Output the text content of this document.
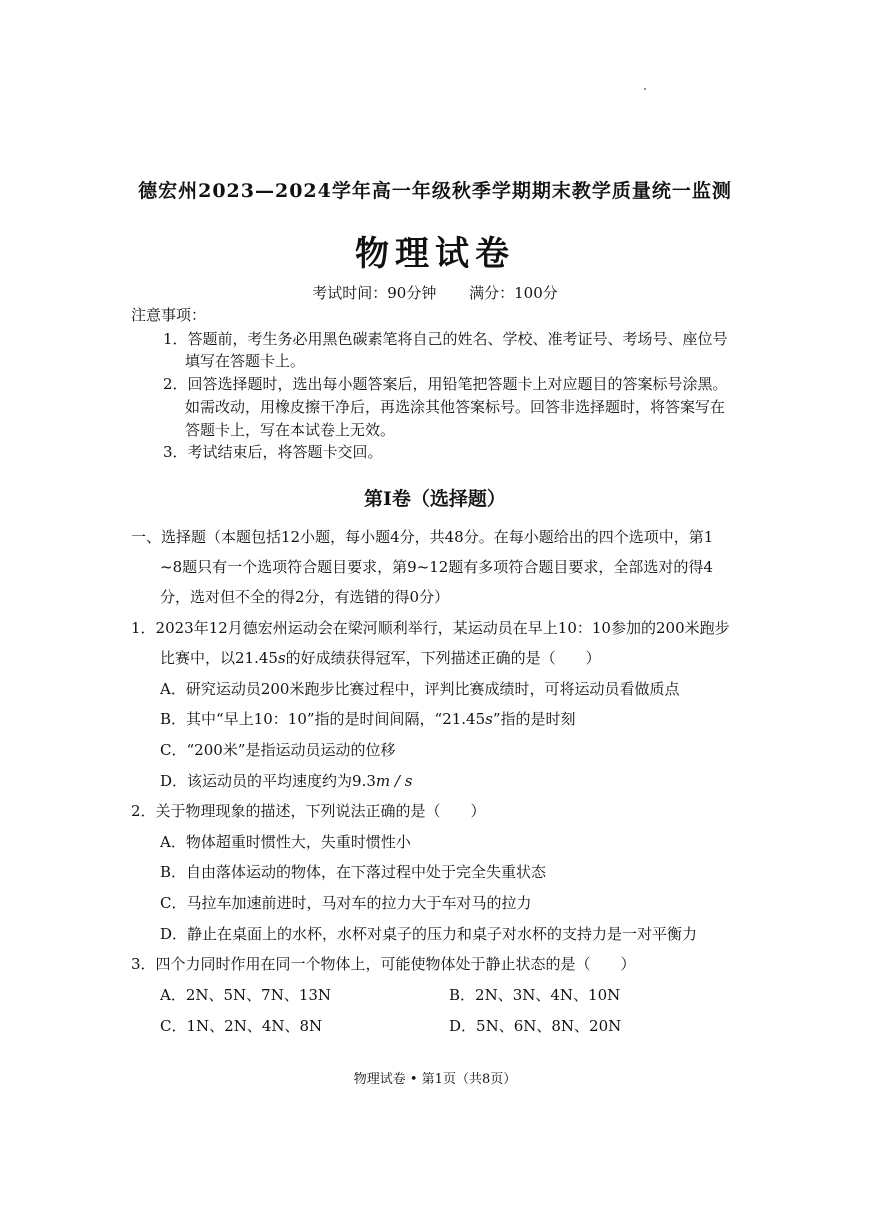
德宏州2023—2024学年高一年级秋季学期期末教学质量统一监测
物理试卷
考试时间：90分钟 满分：100分
注意事项：
1．答题前，考生务必用黑色碳素笔将自己的姓名、学校、准考证号、考场号、座位号
填写在答题卡上。
2．回答选择题时，选出每小题答案后，用铅笔把答题卡上对应题目的答案标号涂黑。
如需改动，用橡皮擦干净后，再选涂其他答案标号。回答非选择题时，将答案写在
答题卡上，写在本试卷上无效。
3．考试结束后，将答题卡交回。
第Ⅰ卷（选择题）
一、选择题（本题包括12小题，每小题4分，共48分。在每小题给出的四个选项中，第1
~8题只有一个选项符合题目要求，第9~12题有多项符合题目要求，全部选对的得4
分，选对但不全的得2分，有选错的得0分）
1．2023年12月德宏州运动会在梁河顺利举行，某运动员在早上10：10参加的200米跑步
比赛中，以21.45s的好成绩获得冠军，下列描述正确的是（　　）
A．研究运动员200米跑步比赛过程中，评判比赛成绩时，可将运动员看做质点
B．其中“早上10：10”指的是时间间隔，“21.45s”指的是时刻
C．“200米”是指运动员运动的位移
D．该运动员的平均速度约为9.3m / s
2．关于物理现象的描述，下列说法正确的是（　　）
A．物体超重时惯性大，失重时惯性小
B．自由落体运动的物体，在下落过程中处于完全失重状态
C．马拉车加速前进时，马对车的拉力大于车对马的拉力
D．静止在桌面上的水杯，水杯对桌子的压力和桌子对水杯的支持力是一对平衡力
3．四个力同时作用在同一个物体上，可能使物体处于静止状态的是（　　）
A．2N、5N、7N、13N	B．2N、3N、4N、10N
C．1N、2N、4N、8N	D．5N、6N、8N、20N
物理试卷 • 第1页（共8页）
